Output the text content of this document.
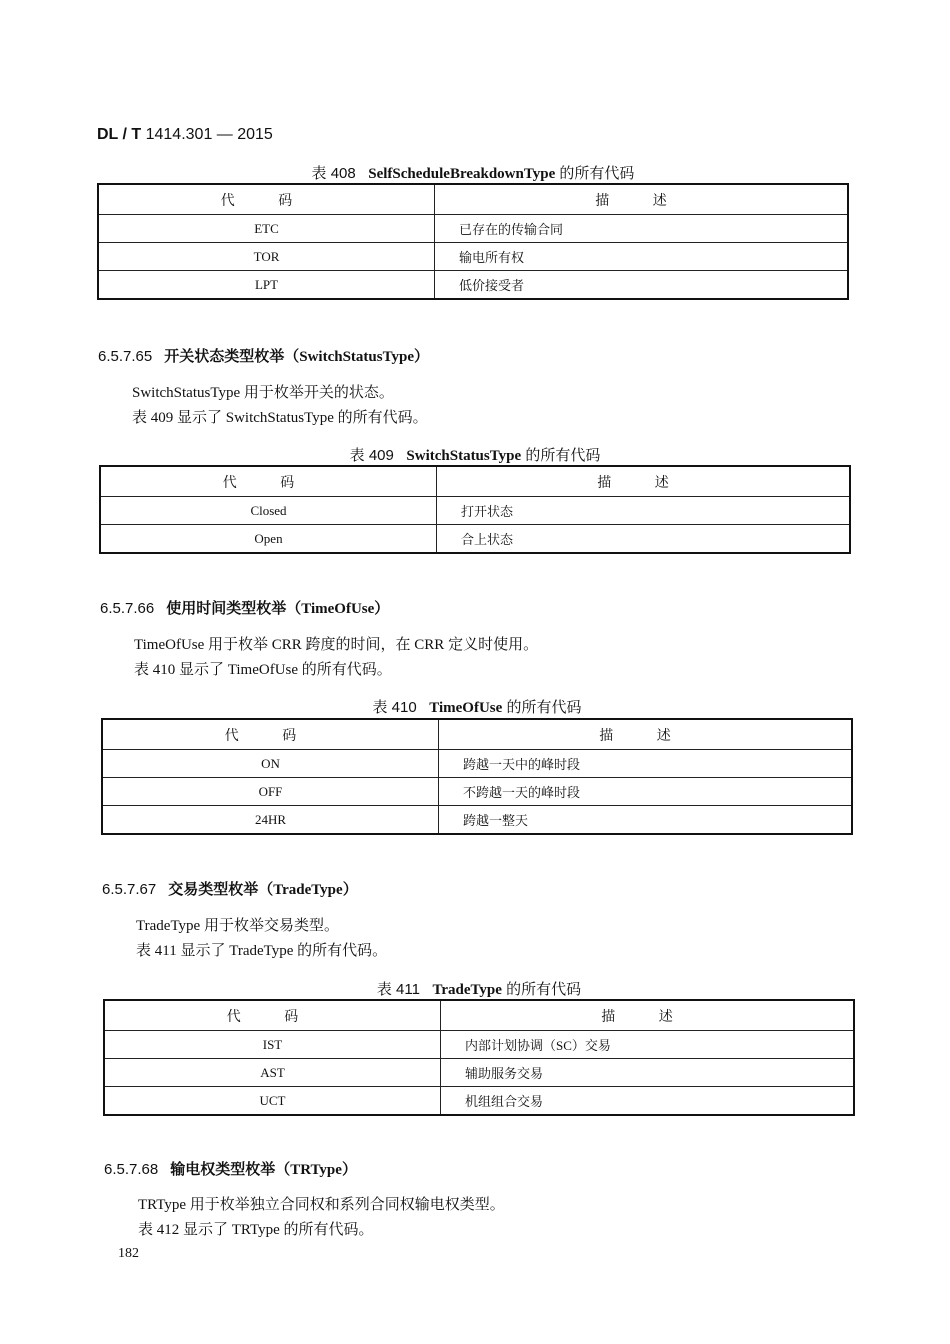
DL / T 1414.301 — 2015
表 408 SelfScheduleBreakdownType 的所有代码
代 码	描 述
ETC	已存在的传输合同
TOR	输电所有权
LPT	低价接受者
6.5.7.65 开关状态类型枚举（SwitchStatusType）
SwitchStatusType 用于枚举开关的状态。
表 409 显示了 SwitchStatusType 的所有代码。
表 409 SwitchStatusType 的所有代码
代 码	描 述
Closed	打开状态
Open	合上状态
6.5.7.66 使用时间类型枚举（TimeOfUse）
TimeOfUse 用于枚举 CRR 跨度的时间，在 CRR 定义时使用。
表 410 显示了 TimeOfUse 的所有代码。
表 410 TimeOfUse 的所有代码
代 码	描 述
ON	跨越一天中的峰时段
OFF	不跨越一天的峰时段
24HR	跨越一整天
6.5.7.67 交易类型枚举（TradeType）
TradeType 用于枚举交易类型。
表 411 显示了 TradeType 的所有代码。
表 411 TradeType 的所有代码
代 码	描 述
IST	内部计划协调（SC）交易
AST	辅助服务交易
UCT	机组组合交易
6.5.7.68 输电权类型枚举（TRType）
TRType 用于枚举独立合同权和系列合同权输电权类型。
表 412 显示了 TRType 的所有代码。
182
